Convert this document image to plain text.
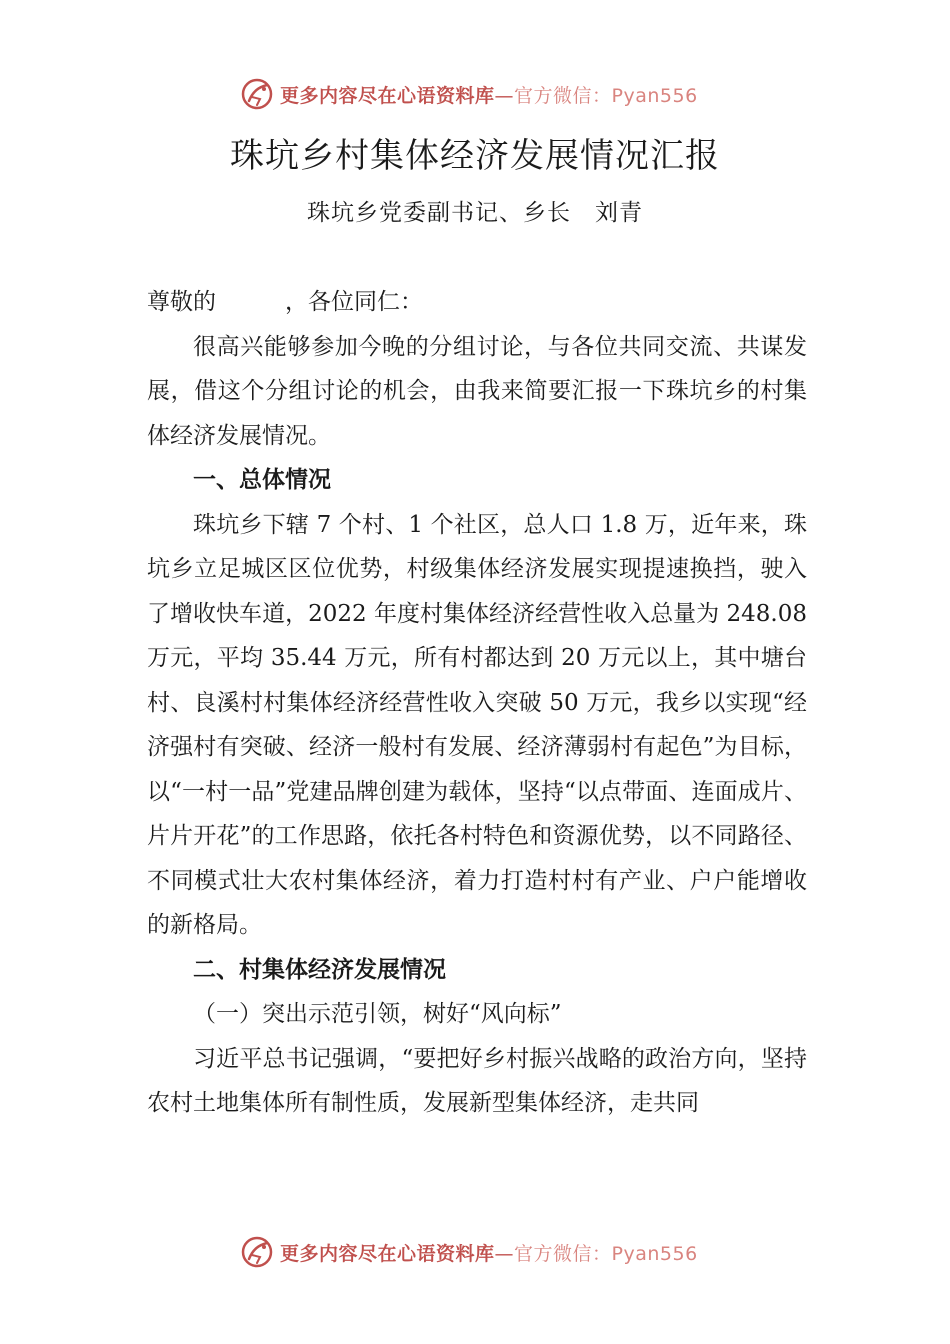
更多内容尽在心语资料库—官方微信：Pyan556
珠坑乡村集体经济发展情况汇报
珠坑乡党委副书记、乡长　刘青

尊敬的　　　，各位同仁：

很高兴能够参加今晚的分组讨论，与各位共同交流、共谋发展，借这个分组讨论的机会，由我来简要汇报一下珠坑乡的村集体经济发展情况。

一、总体情况

珠坑乡下辖 7 个村、1 个社区，总人口 1.8 万，近年来，珠坑乡立足城区区位优势，村级集体经济发展实现提速换挡，驶入了增收快车道，2022 年度村集体经济经营性收入总量为 248.08 万元，平均 35.44 万元，所有村都达到 20 万元以上，其中塘台村、良溪村村集体经济经营性收入突破 50 万元，我乡以实现“经济强村有突破、经济一般村有发展、经济薄弱村有起色”为目标，以“一村一品”党建品牌创建为载体，坚持“以点带面、连面成片、片片开花”的工作思路，依托各村特色和资源优势，以不同路径、不同模式壮大农村集体经济，着力打造村村有产业、户户能增收的新格局。

二、村集体经济发展情况

（一）突出示范引领，树好“风向标”

习近平总书记强调，“要把好乡村振兴战略的政治方向，坚持农村土地集体所有制性质，发展新型集体经济，走共同

更多内容尽在心语资料库—官方微信：Pyan556
